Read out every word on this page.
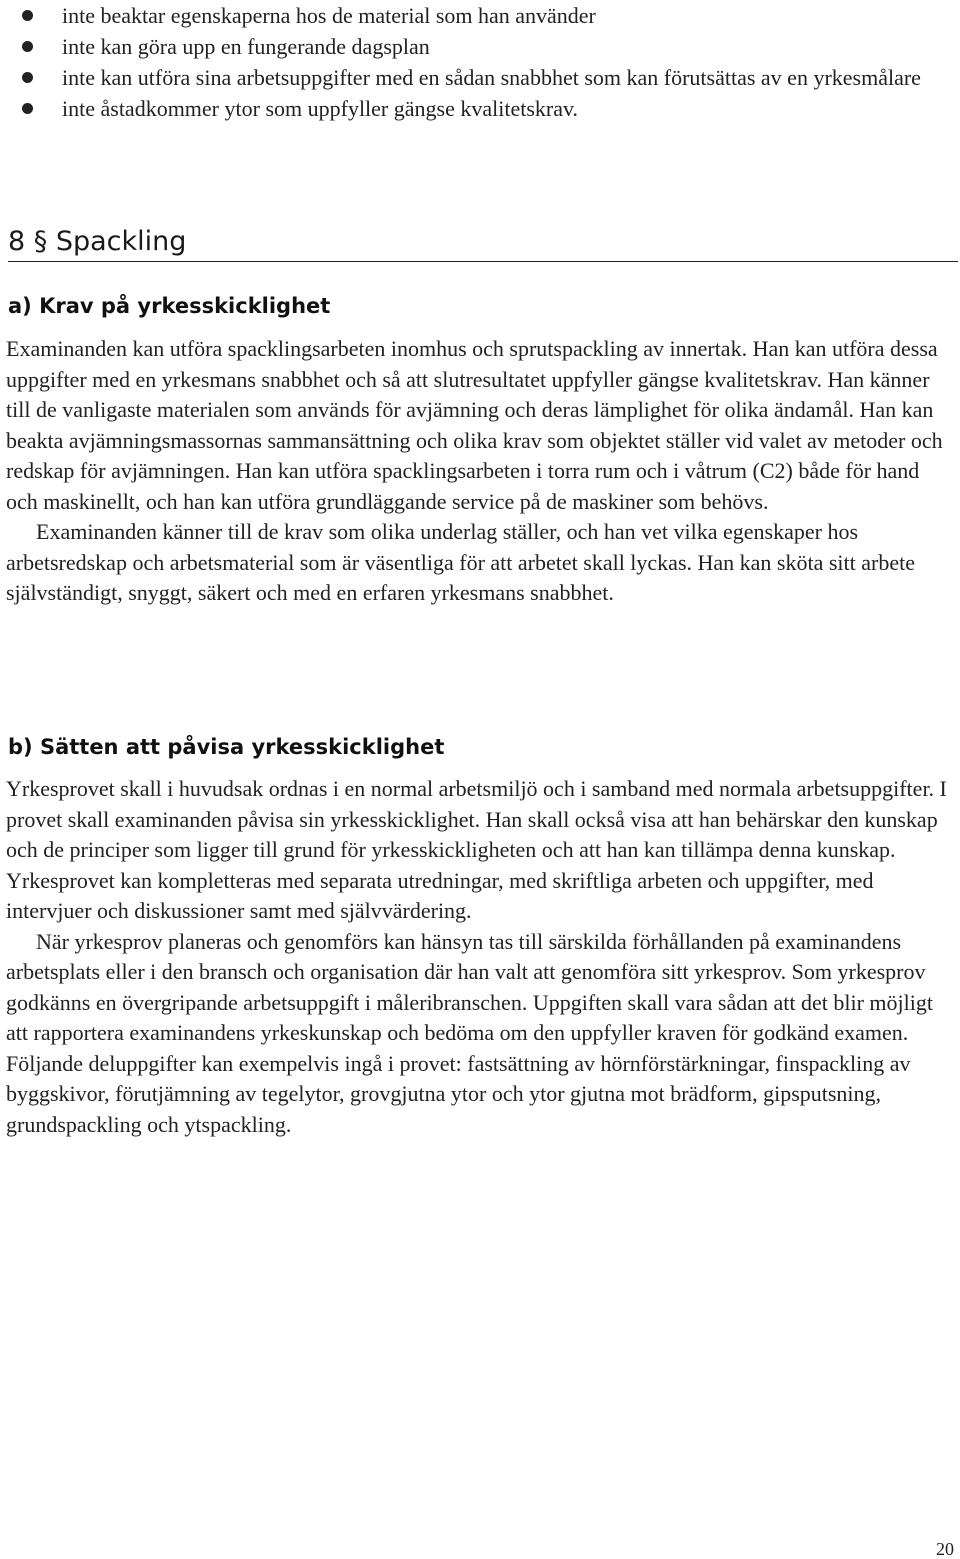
inte beaktar egenskaperna hos de material som han använder
inte kan göra upp en fungerande dagsplan
inte kan utföra sina arbetsuppgifter med en sådan snabbhet som kan förutsättas av en yrkesmålare
inte åstadkommer ytor som uppfyller gängse kvalitetskrav.
8 § Spackling
a) Krav på yrkesskicklighet

Examinanden kan utföra spacklingsarbeten inomhus och sprutspackling av innertak. Han kan utföra dessa uppgifter med en yrkesmans snabbhet och så att slutresultatet uppfyller gängse kvalitetskrav. Han känner till de vanligaste materialen som används för avjämning och deras lämplighet för olika ändamål. Han kan beakta avjämningsmassornas sammansättning och olika krav som objektet ställer vid valet av metoder och redskap för avjämningen. Han kan utföra spacklingsarbeten i torra rum och i våtrum (C2) både för hand och maskinellt, och han kan utföra grundläggande service på de maskiner som behövs.

Examinanden känner till de krav som olika underlag ställer, och han vet vilka egenskaper hos arbetsredskap och arbetsmaterial som är väsentliga för att arbetet skall lyckas. Han kan sköta sitt arbete självständigt, snyggt, säkert och med en erfaren yrkesmans snabbhet.

b) Sätten att påvisa yrkesskicklighet

Yrkesprovet skall i huvudsak ordnas i en normal arbetsmiljö och i samband med normala arbetsuppgifter. I provet skall examinanden påvisa sin yrkesskicklighet. Han skall också visa att han behärskar den kunskap och de principer som ligger till grund för yrkesskickligheten och att han kan tillämpa denna kunskap. Yrkesprovet kan kompletteras med separata utredningar, med skriftliga arbeten och uppgifter, med intervjuer och diskussioner samt med självvärdering.

När yrkesprov planeras och genomförs kan hänsyn tas till särskilda förhållanden på examinandens arbetsplats eller i den bransch och organisation där han valt att genomföra sitt yrkesprov. Som yrkesprov godkänns en övergripande arbetsuppgift i måleribranschen. Uppgiften skall vara sådan att det blir möjligt att rapportera examinandens yrkeskunskap och bedöma om den uppfyller kraven för godkänd examen. Följande deluppgifter kan exempelvis ingå i provet: fastsättning av hörnförstärkningar, finspackling av byggskivor, förutjämning av tegelytor, grovgjutna ytor och ytor gjutna mot brädform, gipsputsning, grundspackling och ytspackling.

20
